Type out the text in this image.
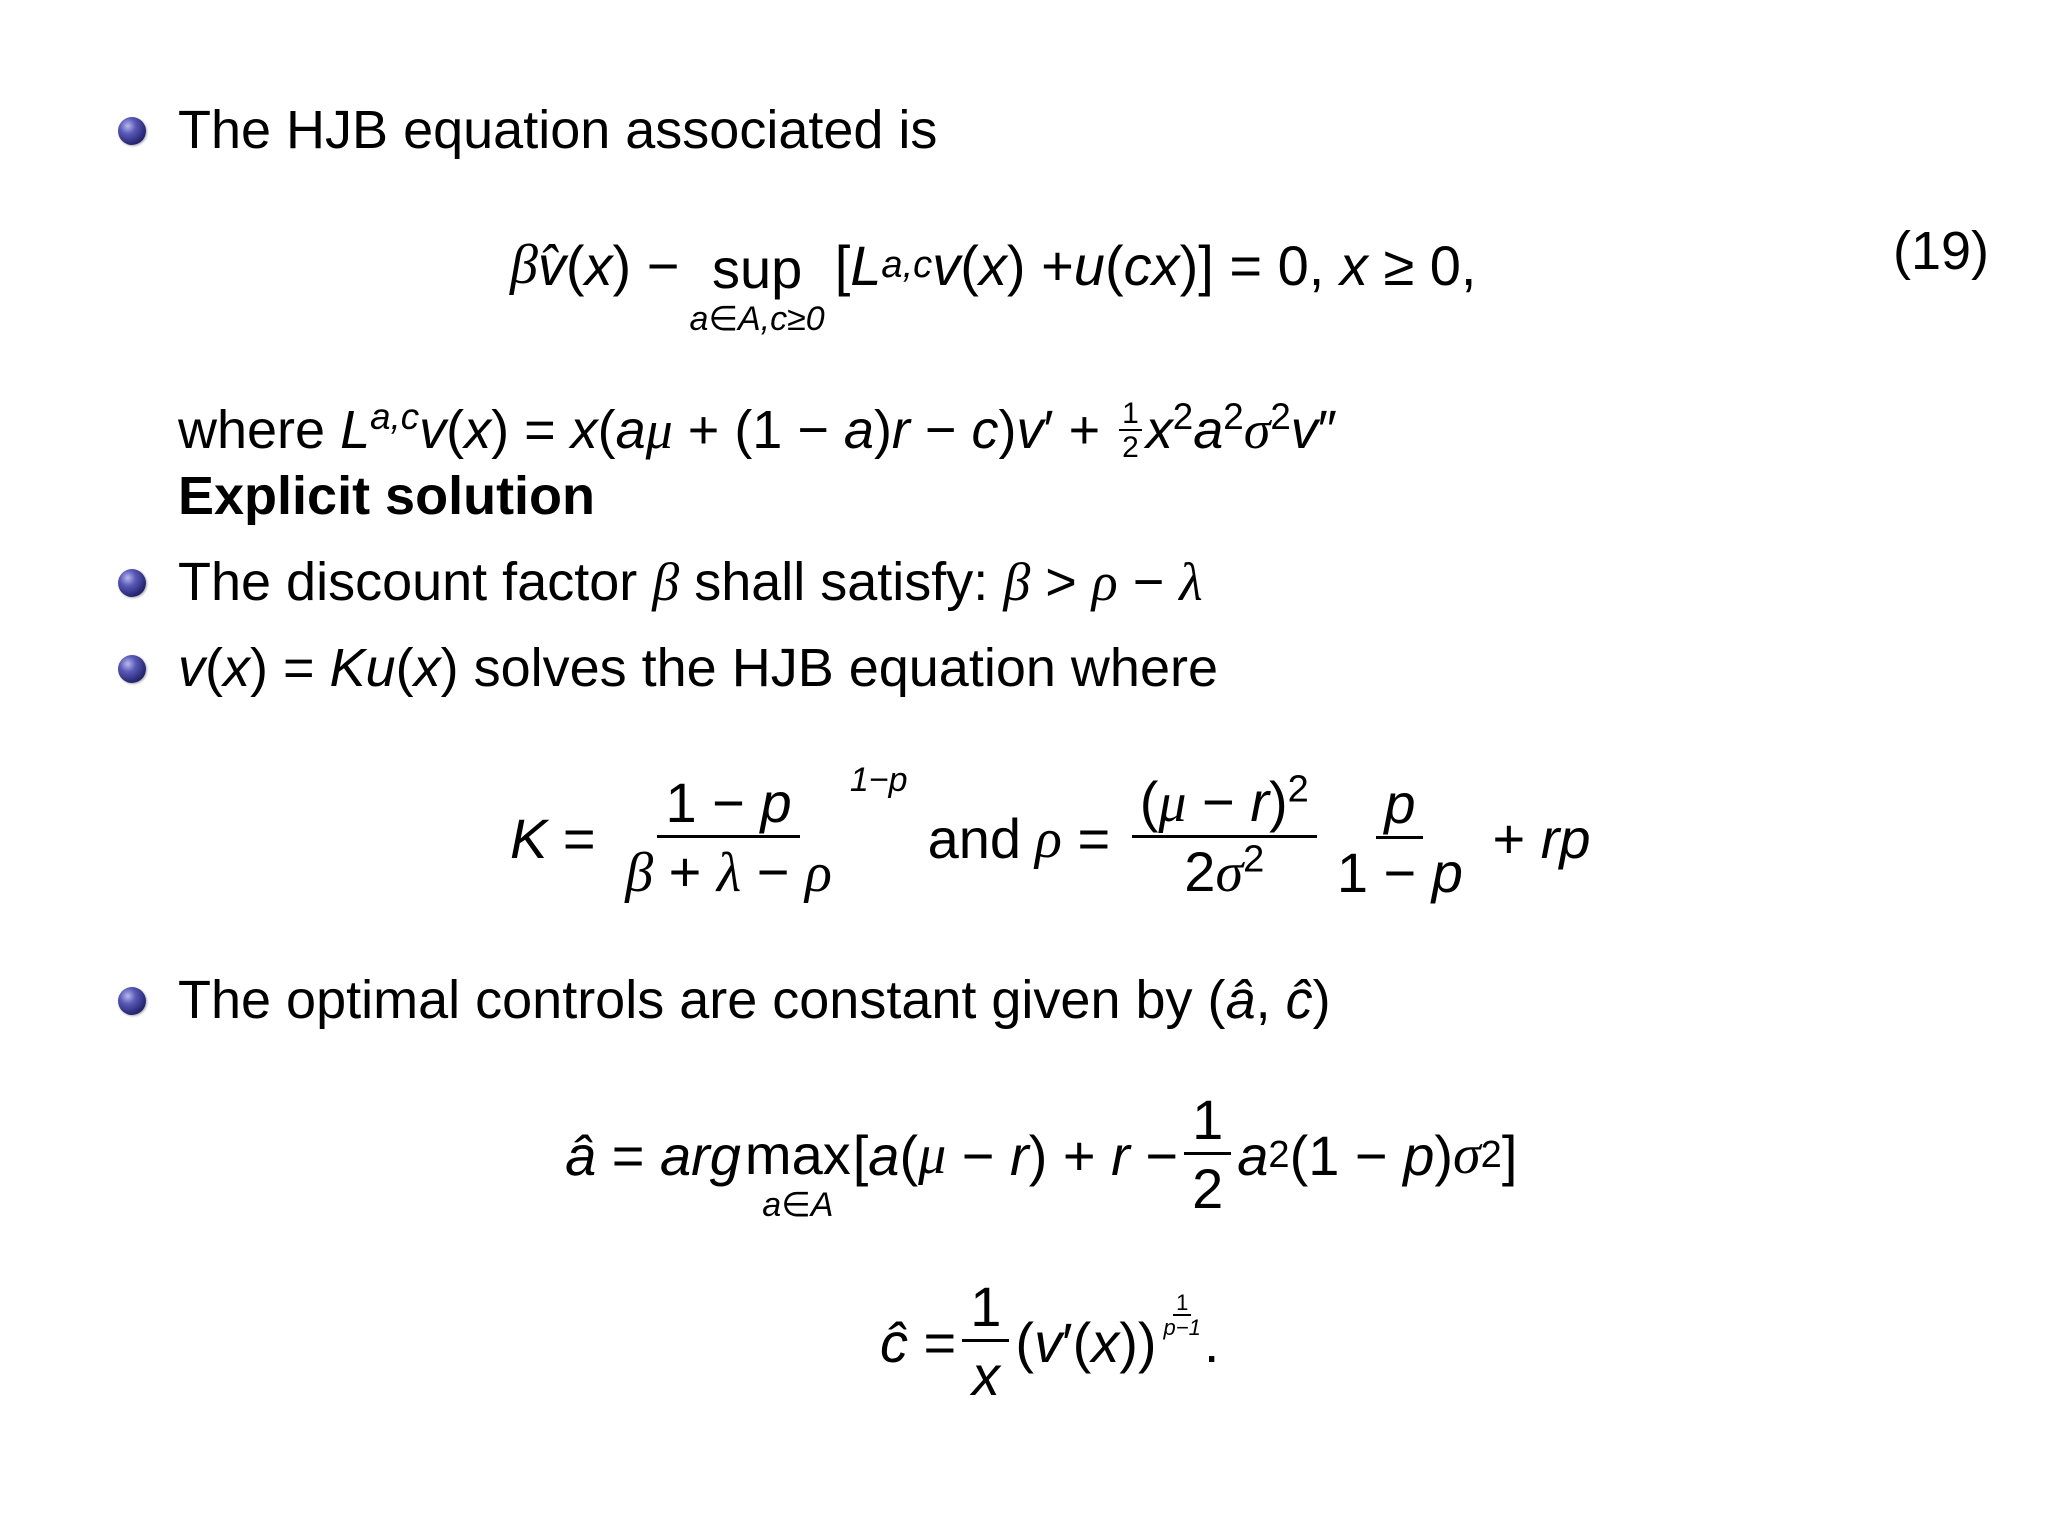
The HJB equation associated is
β̂ v ( x ) − sup
a∈A,c≥0
[ L a,c v ( x ) + u ( cx )] = 0, x ≥ 0,	(19)
where $L^{a,c}v(x) = x(a\mu + (1 - a)r - c)v' + \frac{1}{2} x^2a^2\sigma^2v''$
Explicit solution
The discount factor β shall satisfy: β > ρ − λ
v(x) = Ku(x) solves the HJB equation where
$K = \frac{1 - p}{\beta + \lambda - \rho} 1-p$
and $\rho = \frac{(\mu - r)^2}{2\sigma^2} \frac{p}{1 - p}$ + rp
The optimal controls are constant given by (â, ĉ)
â = arg max
a∈A
[ a ( μ − r ) + $r - \frac{1}{2}$ a 2 (1 − p ) σ 2 ]
ĉ = $\frac{1}{x}$ ( v ′( x ))
1
p−1 .
